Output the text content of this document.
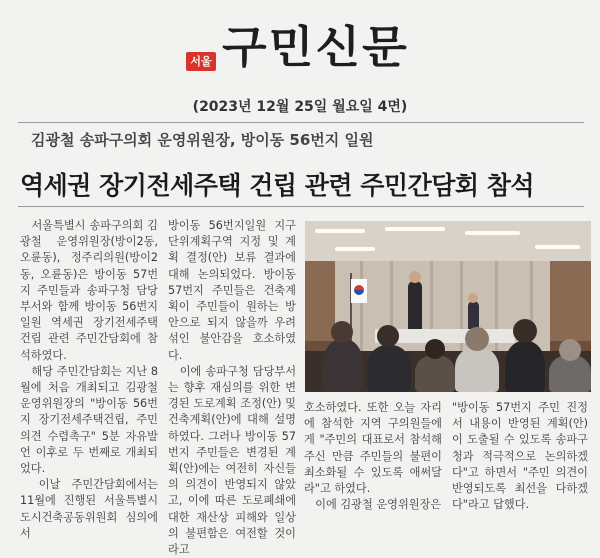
서울 구민신문
(2023년 12월 25일 월요일 4면)
김광철 송파구의회 운영위원장, 방이동 56번지 일원
역세권 장기전세주택 건립 관련 주민간담회 참석

　서울특별시 송파구의회 김광철 운영위원장(방이2동, 오륜동), 정주리의원(방이2동, 오륜동)은 방이동 57번지 주민들과 송파구청 담당부서와 함께 방이동 56번지 일원 역세권 장기전세주택 건립 관련 주민간담회에 참석하였다.

　해당 주민간담회는 지난 8월에 처음 개최되고 김광철 운영위원장의 "방이동 56번지 장기전세주택건립, 주민의견 수렴촉구" 5분 자유발언 이후로 두 번째로 개최되었다.

　이날 주민간담회에서는 11월에 진행된 서울특별시 도시건축공동위원회 심의에서

방이동 56번지일원 지구단위계획구역 지정 및 계획 결정(안) 보류 결과에 대해 논의되었다. 방이동 57번지 주민들은 건축계획이 주민들이 원하는 방안으로 되지 않을까 우려 섞인 불안감을 호소하였다.

　이에 송파구청 담당부서는 향후 재심의를 위한 변경된 도로계획 조정(안) 및 건축계획(안)에 대해 설명하였다. 그러나 방이동 57번지 주민들은 변경된 계획(안)에는 여전히 자신들의 의견이 반영되지 않았고, 이에 따른 도로폐쇄에 대한 재산상 피해와 일상의 불편함은 여전할 것이라고

호소하였다. 또한 오늘 자리에 참석한 지역 구의원들에게 "주민의 대표로서 참석해주신 만큼 주민들의 불편이 최소화될 수 있도록 애써달라"고 하였다.

　이에 김광철 운영위원장은

"방이동 57번지 주민 진정서 내용이 반영된 계획(안)이 도출될 수 있도록 송파구청과 적극적으로 논의하겠다"고 하면서 "주민 의견이 반영되도록 최선을 다하겠다"라고 답했다.
